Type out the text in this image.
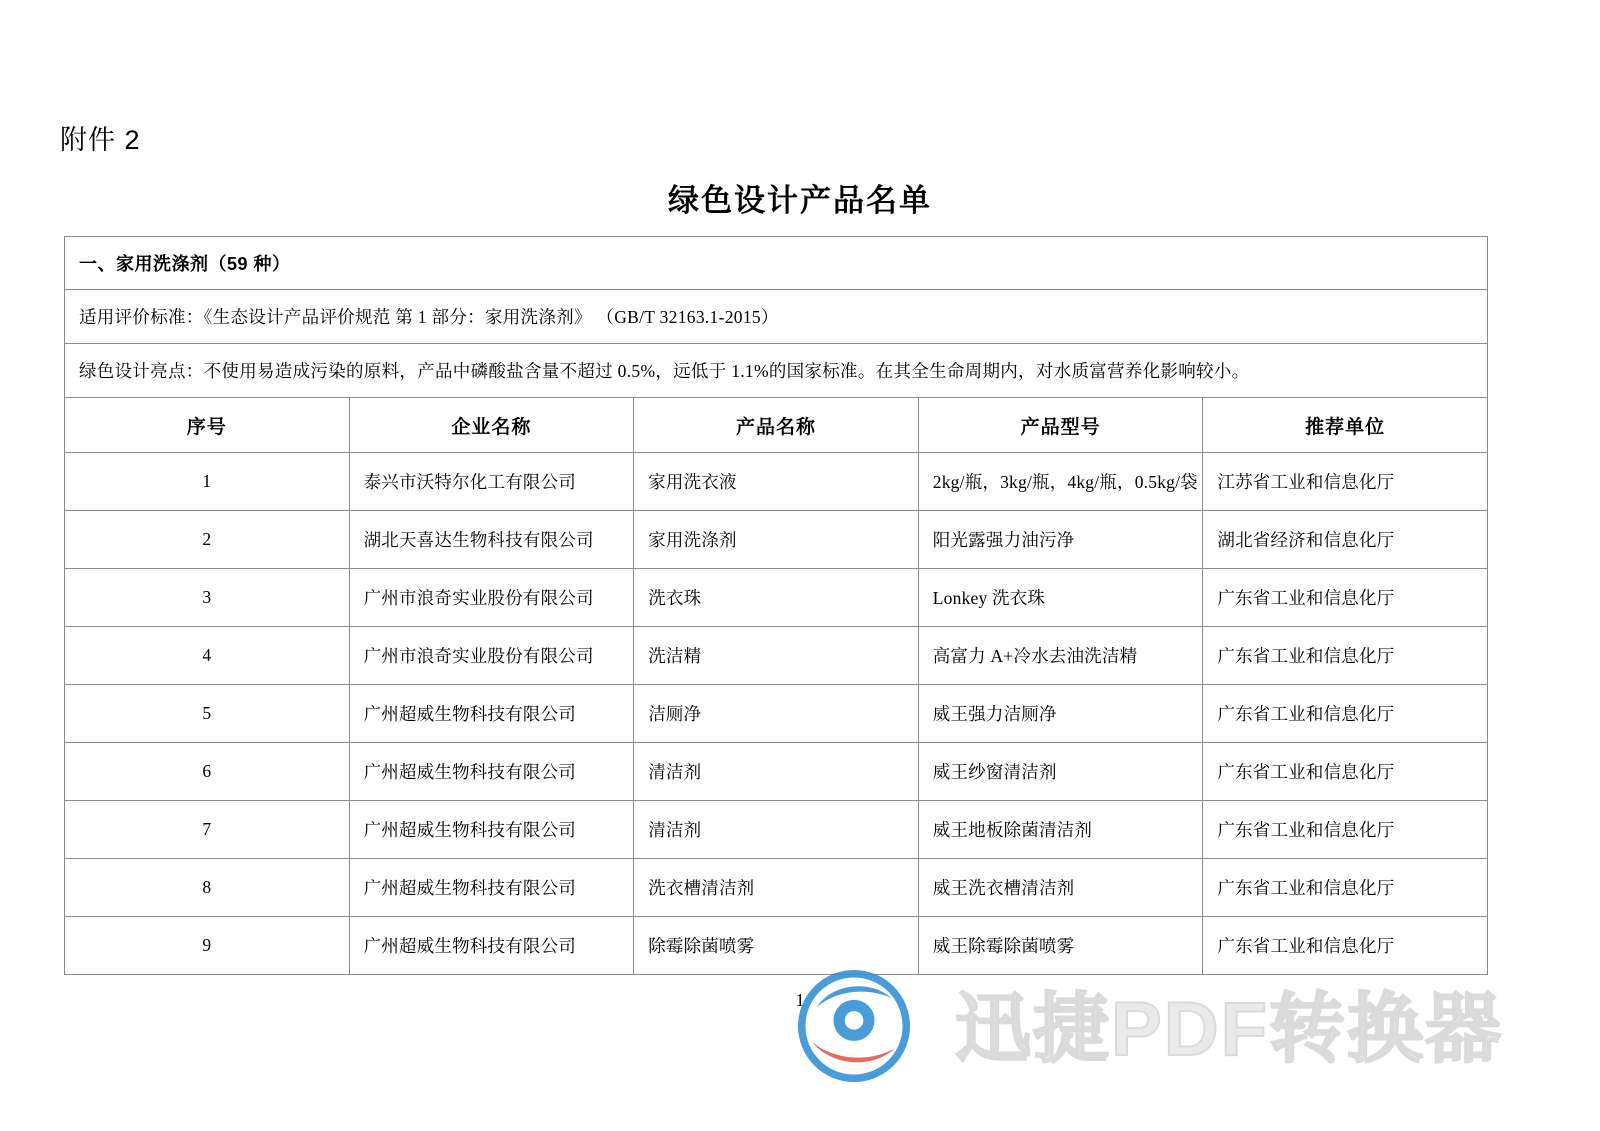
附件 2
绿色设计产品名单
一、家用洗涤剂（59 种）				
适用评价标准：《生态设计产品评价规范 第 1 部分：家用洗涤剂》 （GB/T 32163.1-2015）				
绿色设计亮点：不使用易造成污染的原料，产品中磷酸盐含量不超过 0.5%，远低于 1.1%的国家标准。在其全生命周期内，对水质富营养化影响较小。				
序号	企业名称	产品名称	产品型号	推荐单位
1	泰兴市沃特尔化工有限公司	家用洗衣液	2kg/瓶，3kg/瓶，4kg/瓶，0.5kg/袋	江苏省工业和信息化厅
2	湖北天喜达生物科技有限公司	家用洗涤剂	阳光露强力油污净	湖北省经济和信息化厅
3	广州市浪奇实业股份有限公司	洗衣珠	Lonkey 洗衣珠	广东省工业和信息化厅
4	广州市浪奇实业股份有限公司	洗洁精	高富力 A+冷水去油洗洁精	广东省工业和信息化厅
5	广州超威生物科技有限公司	洁厕净	威王强力洁厕净	广东省工业和信息化厅
6	广州超威生物科技有限公司	清洁剂	威王纱窗清洁剂	广东省工业和信息化厅
7	广州超威生物科技有限公司	清洁剂	威王地板除菌清洁剂	广东省工业和信息化厅
8	广州超威生物科技有限公司	洗衣槽清洁剂	威王洗衣槽清洁剂	广东省工业和信息化厅
9	广州超威生物科技有限公司	除霉除菌喷雾	威王除霉除菌喷雾	广东省工业和信息化厅
1	迅捷PDF转换器
